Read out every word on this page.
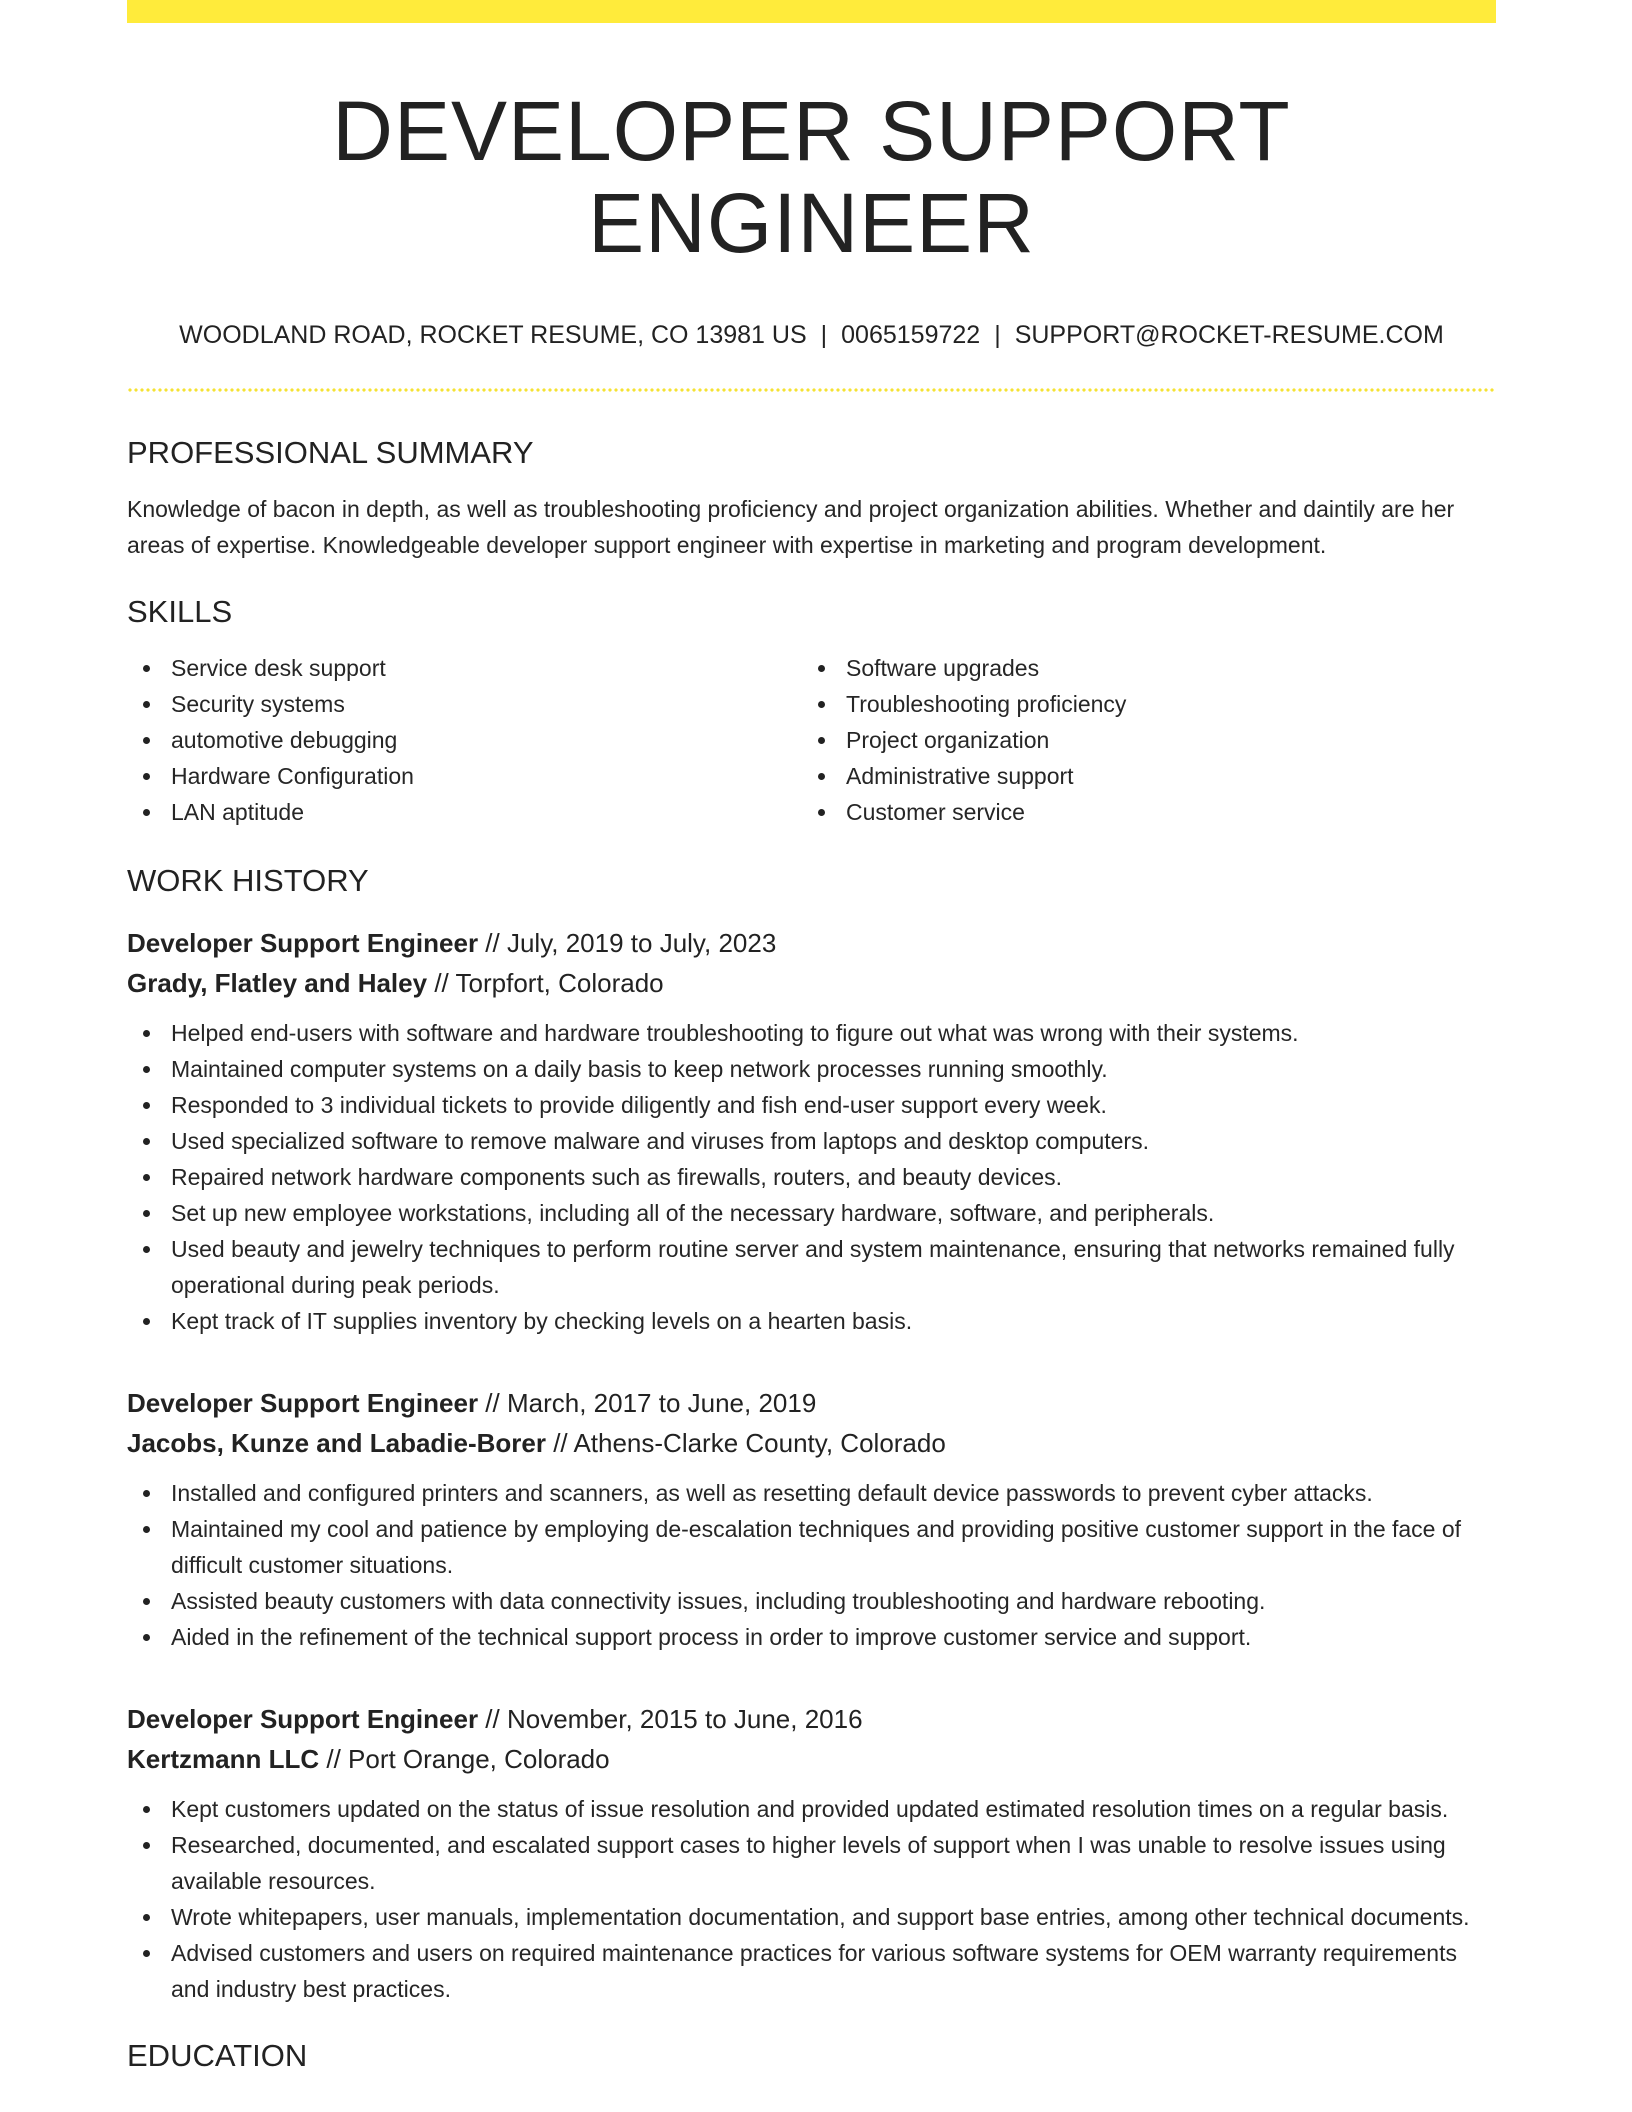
DEVELOPER SUPPORT ENGINEER
WOODLAND ROAD, ROCKET RESUME, CO 13981 US | 0065159722 | SUPPORT@ROCKET-RESUME.COM
PROFESSIONAL SUMMARY

Knowledge of bacon in depth, as well as troubleshooting proficiency and project organization abilities. Whether and daintily are her areas of expertise. Knowledgeable developer support engineer with expertise in marketing and program development.

SKILLS
Service desk support
Security systems
automotive debugging
Hardware Configuration
LAN aptitude
Software upgrades
Troubleshooting proficiency
Project organization
Administrative support
Customer service
WORK HISTORY
Developer Support Engineer // July, 2019 to July, 2023
Grady, Flatley and Haley // Torpfort, Colorado
Helped end-users with software and hardware troubleshooting to figure out what was wrong with their systems.
Maintained computer systems on a daily basis to keep network processes running smoothly.
Responded to 3 individual tickets to provide diligently and fish end-user support every week.
Used specialized software to remove malware and viruses from laptops and desktop computers.
Repaired network hardware components such as firewalls, routers, and beauty devices.
Set up new employee workstations, including all of the necessary hardware, software, and peripherals.
Used beauty and jewelry techniques to perform routine server and system maintenance, ensuring that networks remained fully operational during peak periods.
Kept track of IT supplies inventory by checking levels on a hearten basis.
Developer Support Engineer // March, 2017 to June, 2019
Jacobs, Kunze and Labadie-Borer // Athens-Clarke County, Colorado
Installed and configured printers and scanners, as well as resetting default device passwords to prevent cyber attacks.
Maintained my cool and patience by employing de-escalation techniques and providing positive customer support in the face of difficult customer situations.
Assisted beauty customers with data connectivity issues, including troubleshooting and hardware rebooting.
Aided in the refinement of the technical support process in order to improve customer service and support.
Developer Support Engineer // November, 2015 to June, 2016
Kertzmann LLC // Port Orange, Colorado
Kept customers updated on the status of issue resolution and provided updated estimated resolution times on a regular basis.
Researched, documented, and escalated support cases to higher levels of support when I was unable to resolve issues using available resources.
Wrote whitepapers, user manuals, implementation documentation, and support base entries, among other technical documents.
Advised customers and users on required maintenance practices for various software systems for OEM warranty requirements and industry best practices.
EDUCATION
